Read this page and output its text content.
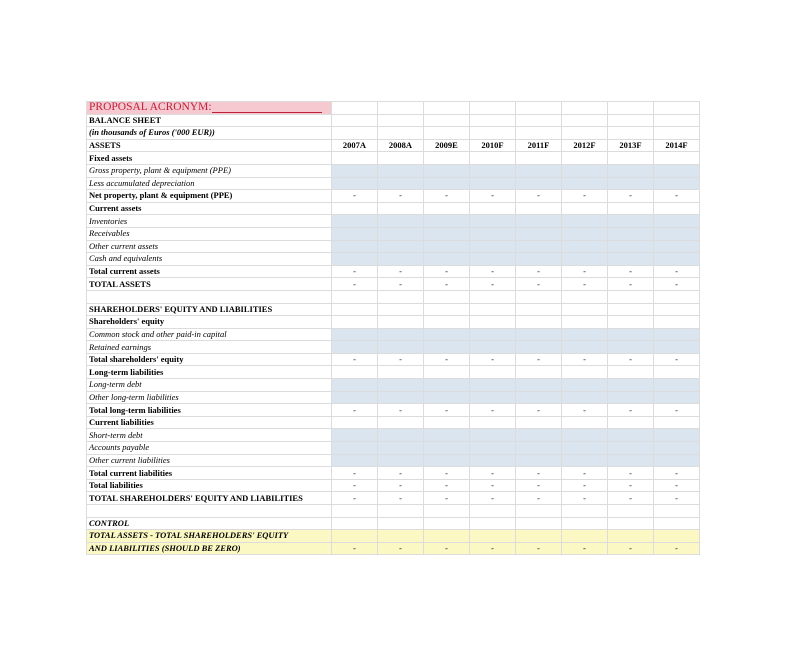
PROPOSAL ACRONYM:								
BALANCE SHEET								
(in thousands of Euros ('000 EUR))								
ASSETS	2007A	2008A	2009E	2010F	2011F	2012F	2013F	2014F
Fixed assets								
Gross property, plant & equipment (PPE)								
Less accumulated depreciation								
Net property, plant & equipment (PPE)	-	-	-	-	-	-	-	-
Current assets								
Inventories								
Receivables								
Other current assets								
Cash and equivalents								
Total current assets	-	-	-	-	-	-	-	-
TOTAL ASSETS	-	-	-	-	-	-	-	-

SHAREHOLDERS' EQUITY AND LIABILITIES								
Shareholders' equity								
Common stock and other paid-in capital								
Retained earnings								
Total shareholders' equity	-	-	-	-	-	-	-	-
Long-term liabilities								
Long-term debt								
Other long-term liabilities								
Total long-term liabilities	-	-	-	-	-	-	-	-
Current liabilities								
Short-term debt								
Accounts payable								
Other current liabilities								
Total current liabilities	-	-	-	-	-	-	-	-
Total liabilities	-	-	-	-	-	-	-	-
TOTAL SHAREHOLDERS' EQUITY AND LIABILITIES	-	-	-	-	-	-	-	-

CONTROL								
TOTAL ASSETS - TOTAL SHAREHOLDERS' EQUITY								
AND LIABILITIES (SHOULD BE ZERO)	-	-	-	-	-	-	-	-
